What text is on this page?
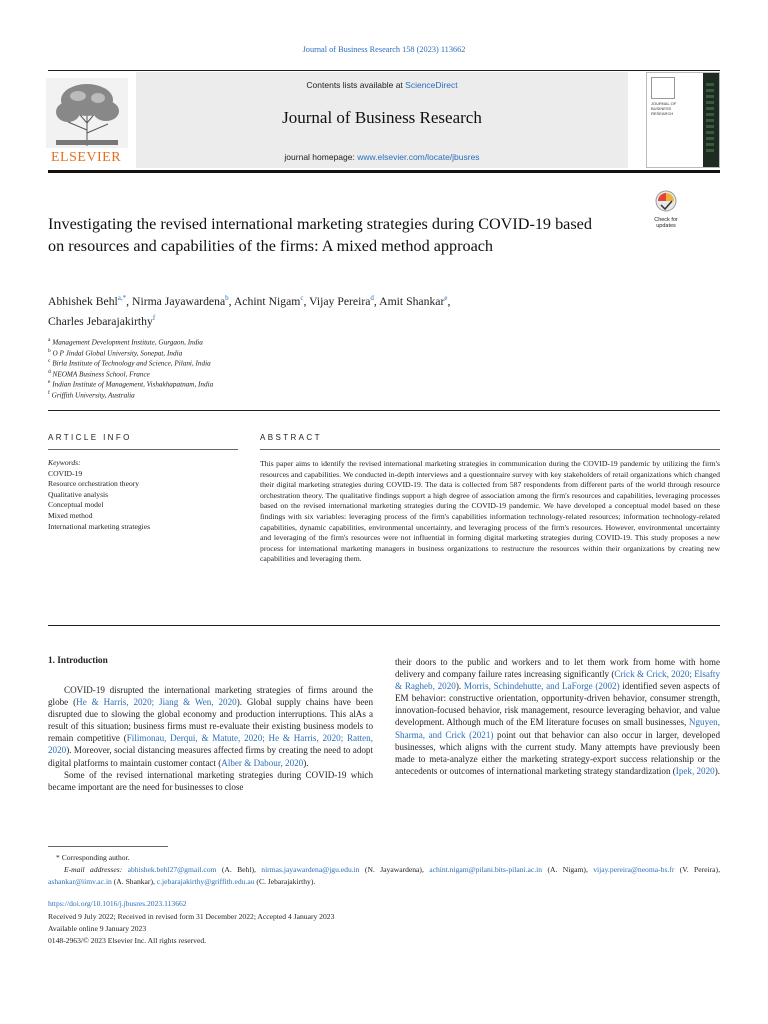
Journal of Business Research 158 (2023) 113662
ELSEVIER
Contents lists available at ScienceDirect
Journal of Business Research
journal homepage: www.elsevier.com/locate/jbusres
JOURNAL OF BUSINESS RESEARCH
Check for updates
Investigating the revised international marketing strategies during COVID-19 based on resources and capabilities of the firms: A mixed method approach
Abhishek Behl$^{a,*}$, Nirma Jayawardena$^b$, Achint Nigam$^c$, Vijay Pereira$^d$, Amit Shankar$^e$,
Charles Jebarajakirthy$^f$
$^a$ Management Development Institute, Gurgaon, India
$^b$ O P Jindal Global University, Sonepat, India
$^c$ Birla Institute of Technology and Science, Pilani, India
$^d$ NEOMA Business School, France
$^e$ Indian Institute of Management, Vishakhapatnam, India
$^f$ Griffith University, Australia
ARTICLE INFO	ABSTRACT
Keywords:
COVID-19
Resource orchestration theory
Qualitative analysis
Conceptual model
Mixed method
International marketing strategies
This paper aims to identify the revised international marketing strategies in communication during the COVID-19 pandemic by utilizing the firm's resources and capabilities. We conducted in-depth interviews and a questionnaire survey with key stakeholders of retail organizations which changed their digital marketing strategies during COVID-19. The data is collected from 587 respondents from different parts of the world through resource orchestration theory. The qualitative findings support a high degree of association among the firm's resources and capabilities, leveraging processes based on the revised international marketing strategies during the COVID-19 pandemic. We have developed a conceptual model based on these findings with six variables: leveraging process of the firm's capabilities information technology-related resources; information technology-related capabilities, dynamic capabilities, environmental uncertainty, and leveraging process of the firm's resources. However, environmental uncertainty and leveraging of the firm's resources were not influential in forming digital marketing strategies during COVID-19. This study proposes a new process for international marketing managers in business organizations to restructure the resources within their organizations by creating new capabilities and leveraging them.
1. Introduction

COVID-19 disrupted the international marketing strategies of firms around the globe (He & Harris, 2020; Jiang & Wen, 2020). Global supply chains have been disrupted due to slowing the global economy and production interruptions. This alAs a result of this situation; business firms must re-evaluate their existing business models to remain competitive (Filimonau, Derqui, & Matute, 2020; He & Harris, 2020; Ratten, 2020). Moreover, social distancing measures affected firms by creating the need to adopt digital platforms to maintain customer contact (Alber & Dabour, 2020).

Some of the revised international marketing strategies during COVID-19 which became important are the need for businesses to close

their doors to the public and workers and to let them work from home with home delivery and company failure rates increasing significantly (Crick & Crick, 2020; Elsafty & Ragheb, 2020). Morris, Schindehutte, and LaForge (2002) identified seven aspects of EM behavior: constructive orientation, opportunity-driven behavior, consumer strength, innovation-focused behavior, risk management, resource leveraging behavior, and value development. Although much of the EM literature focuses on small businesses, Nguyen, Sharma, and Crick (2021) point out that behavior can also occur in larger, developed businesses, which aligns with the current study. Many attempts have previously been made to meta-analyze either the marketing strategy-export success relationship or the antecedents or outcomes of international marketing strategy standardization (Ipek, 2020).

* Corresponding author.
E-mail addresses: abhishek.behl27@gmail.com (A. Behl), nirmas.jayawardena@jgu.edu.in (N. Jayawardena), achint.nigam@pilani.bits-pilani.ac.in (A. Nigam), vijay.pereira@neoma-bs.fr (V. Pereira), ashankar@iimv.ac.in (A. Shankar), c.jebarajakirthy@griffith.edu.au (C. Jebarajakirthy).
https://doi.org/10.1016/j.jbusres.2023.113662
Received 9 July 2022; Received in revised form 31 December 2022; Accepted 4 January 2023
Available online 9 January 2023
0148-2963/© 2023 Elsevier Inc. All rights reserved.
